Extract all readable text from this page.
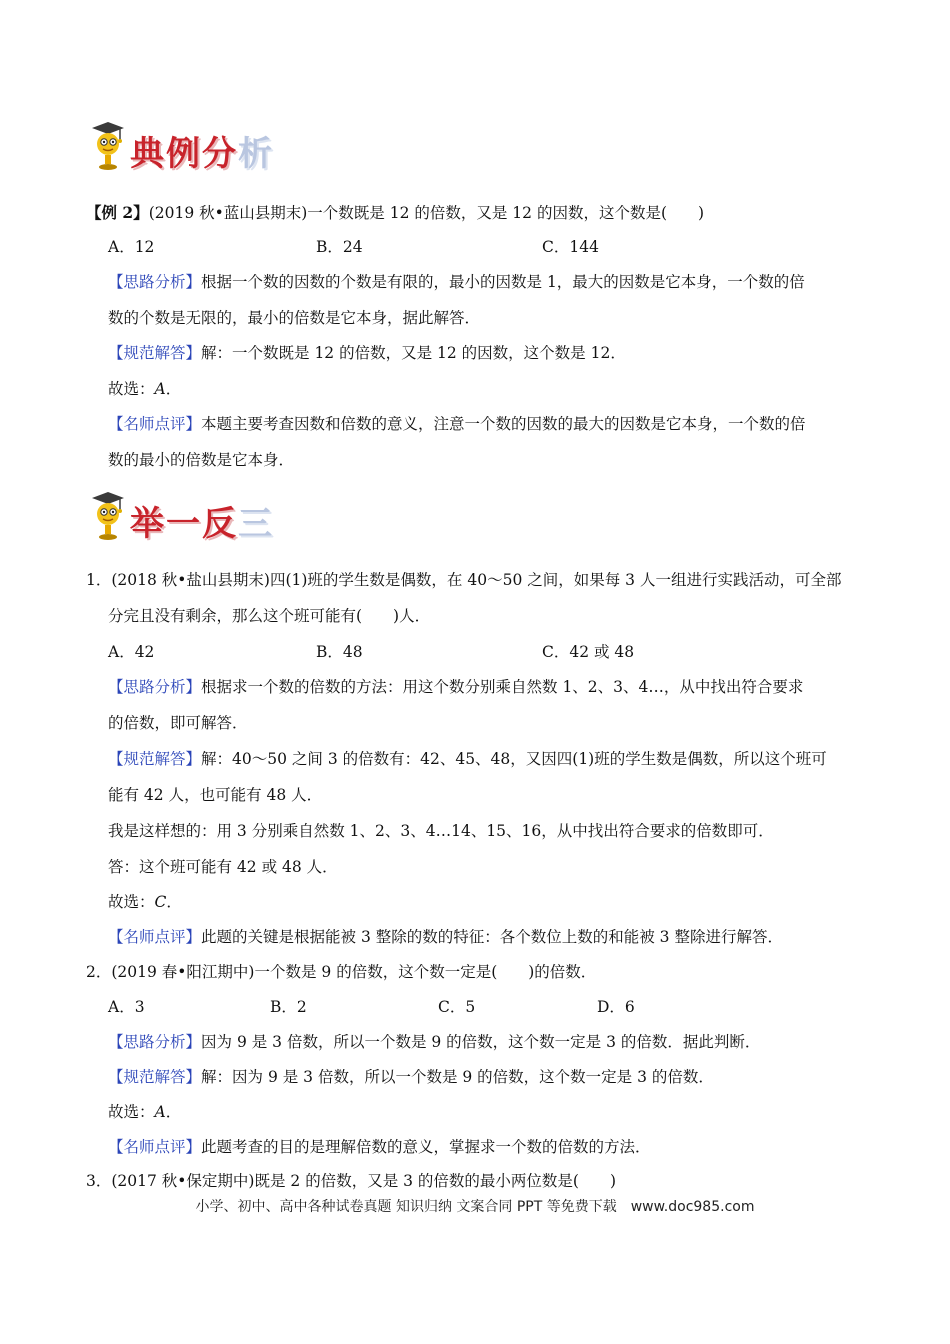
典例分析
【例 2】(2019 秋•蓝山县期末)一个数既是 12 的倍数，又是 12 的因数，这个数是(　　)
A．12	B．24	C．144
【思路分析】根据一个数的因数的个数是有限的，最小的因数是 1，最大的因数是它本身，一个数的倍
数的个数是无限的，最小的倍数是它本身，据此解答．
【规范解答】解：一个数既是 12 的倍数，又是 12 的因数，这个数是 12．
故选：A．
【名师点评】本题主要考查因数和倍数的意义，注意一个数的因数的最大的因数是它本身，一个数的倍
数的最小的倍数是它本身．
举一反三
1．(2018 秋•盐山县期末)四(1)班的学生数是偶数，在 40～50 之间，如果每 3 人一组进行实践活动，可全部
分完且没有剩余，那么这个班可能有(　　)人．
A．42	B．48	C．42 或 48
【思路分析】根据求一个数的倍数的方法：用这个数分别乘自然数 1、2、3、4…，从中找出符合要求
的倍数，即可解答．
【规范解答】解：40～50 之间 3 的倍数有：42、45、48，又因四(1)班的学生数是偶数，所以这个班可
能有 42 人，也可能有 48 人．
我是这样想的：用 3 分别乘自然数 1、2、3、4…14、15、16，从中找出符合要求的倍数即可．
答：这个班可能有 42 或 48 人．
故选：C．
【名师点评】此题的关键是根据能被 3 整除的数的特征：各个数位上数的和能被 3 整除进行解答．
2．(2019 春•阳江期中)一个数是 9 的倍数，这个数一定是(　　)的倍数．
A．3	B．2	C．5	D．6
【思路分析】因为 9 是 3 倍数，所以一个数是 9 的倍数，这个数一定是 3 的倍数．据此判断．
【规范解答】解：因为 9 是 3 倍数，所以一个数是 9 的倍数，这个数一定是 3 的倍数．
故选：A．
【名师点评】此题考查的目的是理解倍数的意义，掌握求一个数的倍数的方法．
3．(2017 秋•保定期中)既是 2 的倍数，又是 3 的倍数的最小两位数是(　　)
小学、初中、高中各种试卷真题 知识归纳 文案合同 PPT 等免费下载　www.doc985.com
